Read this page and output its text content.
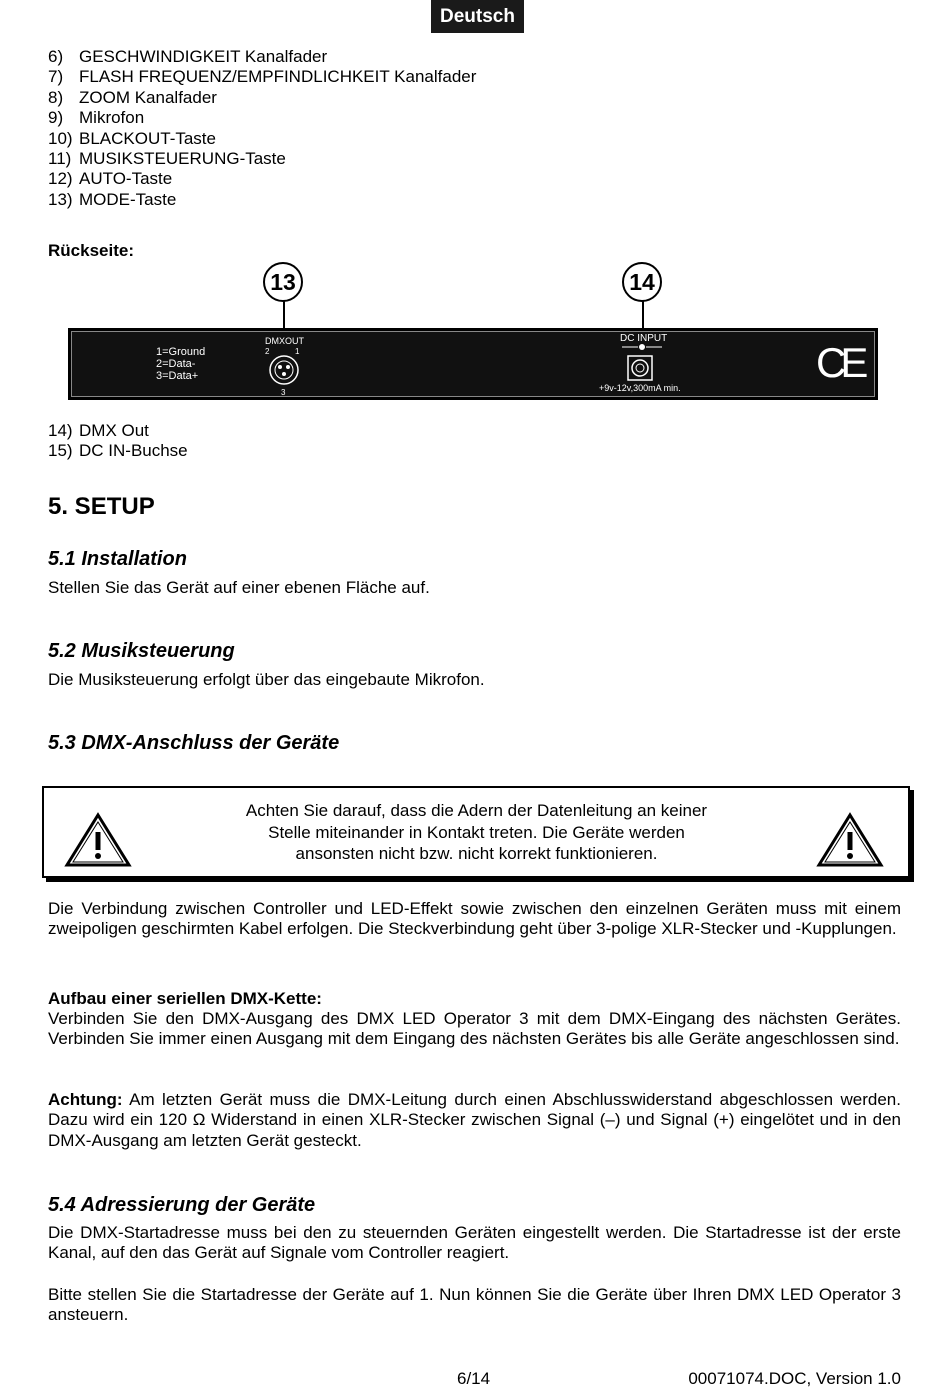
Deutsch
6) GESCHWINDIGKEIT Kanalfader
7) FLASH FREQUENZ/EMPFINDLICHKEIT Kanalfader
8) ZOOM Kanalfader
9) Mikrofon
10) BLACKOUT-Taste
11) MUSIKSTEUERUNG-Taste
12) AUTO-Taste
13) MODE-Taste
Rückseite:
13	14
1=Ground
2=Data-
3=Data+
DMXOUT
2	1
3
DC INPUT
+9v-12v,300mA min.
CE
14) DMX Out
15) DC IN-Buchse
5. SETUP
5.1 Installation
Stellen Sie das Gerät auf einer ebenen Fläche auf.
5.2 Musiksteuerung
Die Musiksteuerung erfolgt über das eingebaute Mikrofon.
5.3 DMX-Anschluss der Geräte
Achten Sie darauf, dass die Adern der Datenleitung an keiner
Stelle miteinander in Kontakt treten. Die Geräte werden
ansonsten nicht bzw. nicht korrekt funktionieren.
Die Verbindung zwischen Controller und LED-Effekt sowie zwischen den einzelnen Geräten muss mit einem zweipoligen geschirmten Kabel erfolgen. Die Steckverbindung geht über 3-polige XLR-Stecker und -Kupplungen.
Aufbau einer seriellen DMX-Kette:
Verbinden Sie den DMX-Ausgang des DMX LED Operator 3 mit dem DMX-Eingang des nächsten Gerätes. Verbinden Sie immer einen Ausgang mit dem Eingang des nächsten Gerätes bis alle Geräte angeschlossen sind.
Achtung: Am letzten Gerät muss die DMX-Leitung durch einen Abschlusswiderstand abgeschlossen werden. Dazu wird ein 120 Ω Widerstand in einen XLR-Stecker zwischen Signal (–) und Signal (+) eingelötet und in den DMX-Ausgang am letzten Gerät gesteckt.
5.4 Adressierung der Geräte
Die DMX-Startadresse muss bei den zu steuernden Geräten eingestellt werden. Die Startadresse ist der erste Kanal, auf den das Gerät auf Signale vom Controller reagiert.
Bitte stellen Sie die Startadresse der Geräte auf 1. Nun können Sie die Geräte über Ihren DMX LED Operator 3 ansteuern.
6/14	00071074.DOC, Version 1.0
